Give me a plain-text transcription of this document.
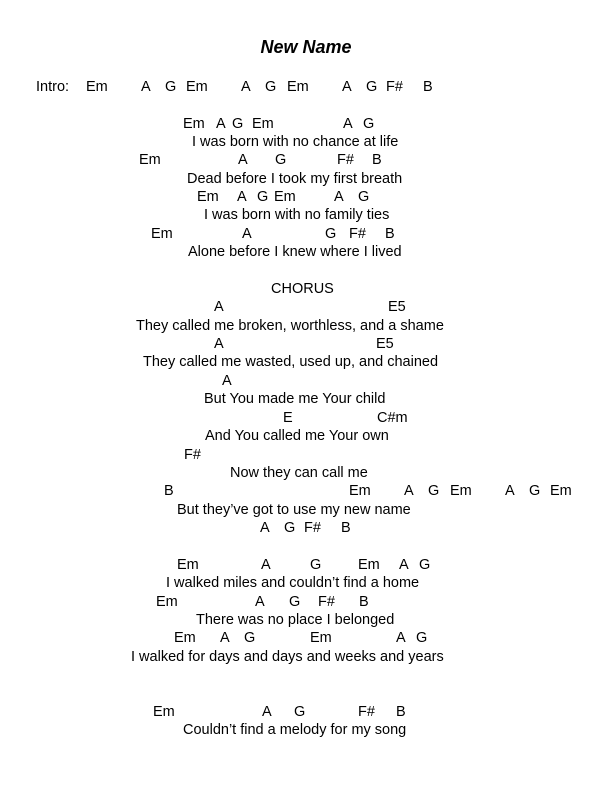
New Name
Intro: Em A G Em A G Em A G F# B
Em A G Em	A G
I was born with no chance at life
Em	A G	F# B
Dead before I took my first breath
Em A G Em	A G
I was born with no family ties
Em	A	G F# B
Alone before I knew where I lived
CHORUS
A	E5
They called me broken, worthless, and a shame
A	E5
They called me wasted, used up, and chained
A
But You made me Your child
E	C#m
And You called me Your own
F#
Now they can call me
B	Em A G Em A G Em
But they’ve got to use my new name
A G F# B
Em	A	G	Em A G
I walked miles and couldn’t find a home
Em	A G F# B
There was no place I belonged
Em A G	Em	A G
I walked for days and days and weeks and years
Em	A G	F# B
Couldn’t find a melody for my song
